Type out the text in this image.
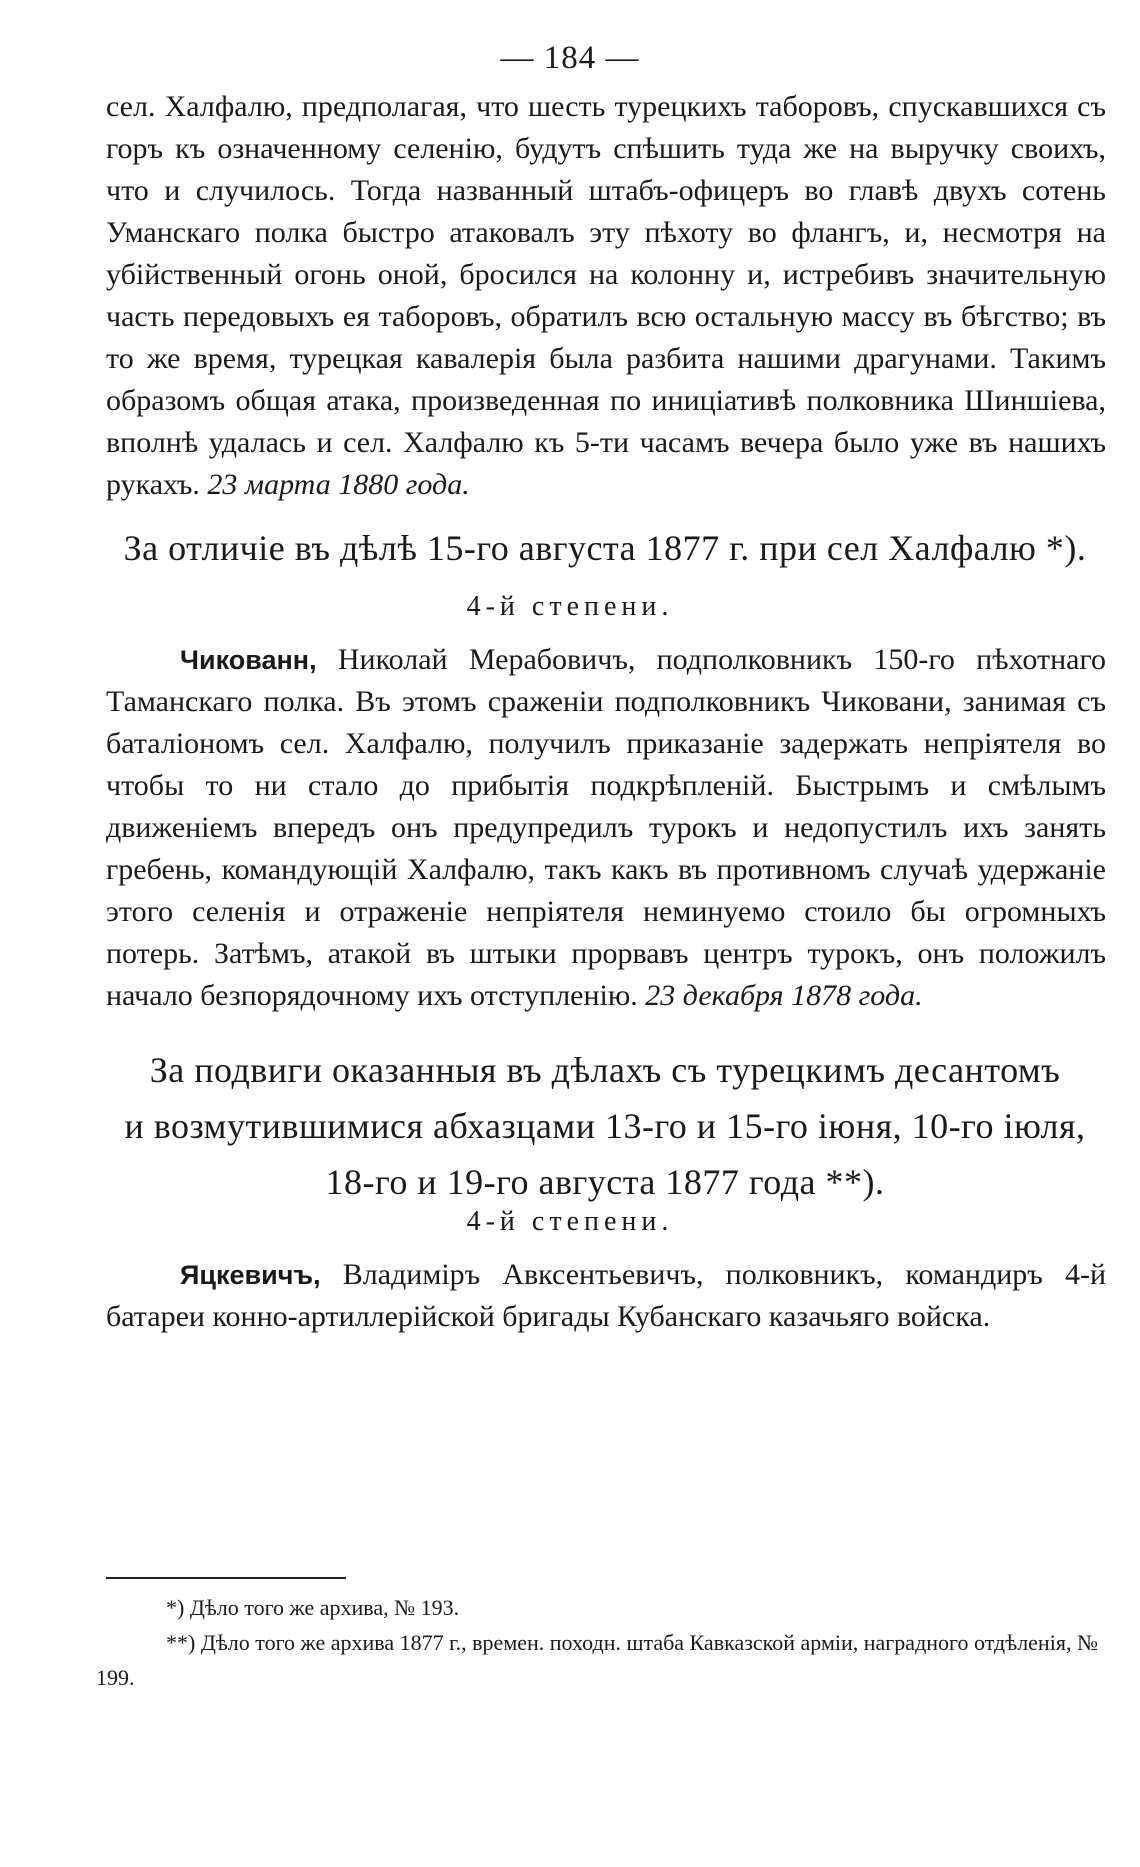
— 184 —

сел. Халфалю, предполагая, что шесть турецкихъ таборовъ, спускавшихся съ горъ къ означенному селенію, будутъ спѣшить туда же на выручку своихъ, что и случилось. Тогда названный штабъ-офицеръ во главѣ двухъ сотень Уманскаго полка быстро атаковалъ эту пѣхоту во флангъ, и, несмотря на убійственный огонь оной, бросился на колонну и, истребивъ значительную часть передовыхъ ея таборовъ, обратилъ всю остальную массу въ бѣгство; въ то же время, турецкая кавалерія была разбита нашими драгунами. Такимъ образомъ общая атака, произведенная по иниціативѣ полковника Шиншіева, вполнѣ удалась и сел. Халфалю къ 5-ти часамъ вечера было уже въ нашихъ рукахъ. 23 марта 1880 года.

За отличіе въ дѣлѣ 15-го августа 1877 г. при сел Халфалю *).

4-й степени.

Чикованн, Николай Мерабовичъ, подполковникъ 150-го пѣхотнаго Таманскаго полка. Въ этомъ сраженіи подполковникъ Чиковани, занимая съ баталіономъ сел. Халфалю, получилъ приказаніе задержать непріятеля во чтобы то ни стало до прибытія подкрѣпленій. Быстрымъ и смѣлымъ движеніемъ впередъ онъ предупредилъ турокъ и недопустилъ ихъ занять гребень, командующій Халфалю, такъ какъ въ противномъ случаѣ удержаніе этого селенія и отраженіе непріятеля неминуемо стоило бы огромныхъ потерь. Затѣмъ, атакой въ штыки прорвавъ центръ турокъ, онъ положилъ начало безпорядочному ихъ отступленію. 23 декабря 1878 года.

За подвиги оказанныя въ дѣлахъ съ турецкимъ десантомъ
и возмутившимися абхазцами 13-го и 15-го іюня, 10-го іюля,
18-го и 19-го августа 1877 года **).

4-й степени.

Яцкевичъ, Владиміръ Авксентьевичъ, полковникъ, командиръ 4-й батареи конно-артиллерійской бригады Кубанскаго казачьяго войска.

*) Дѣло того же архива, № 193.

**) Дѣло того же архива 1877 г., времен. походн. штаба Кавказской арміи, наградного отдѣленія, № 199.
